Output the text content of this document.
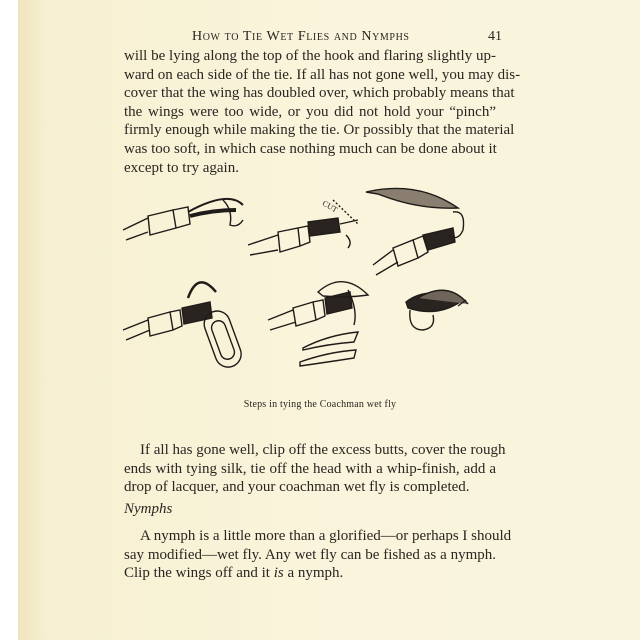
How to Tie Wet Flies and Nymphs	41
will be lying along the top of the hook and flaring slightly up-
ward on each side of the tie. If all has not gone well, you may dis-
cover that the wing has doubled over, which probably means that
the wings were too wide, or you did not hold your “pinch”
firmly enough while making the tie. Or possibly that the material
was too soft, in which case nothing much can be done about it
except to try again.
CUT
Steps in tying the Coachman wet fly
If all has gone well, clip off the excess butts, cover the rough
ends with tying silk, tie off the head with a whip-finish, add a
drop of lacquer, and your coachman wet fly is completed.
Nymphs
A nymph is a little more than a glorified—or perhaps I should
say modified—wet fly. Any wet fly can be fished as a nymph.
Clip the wings off and it is a nymph.
